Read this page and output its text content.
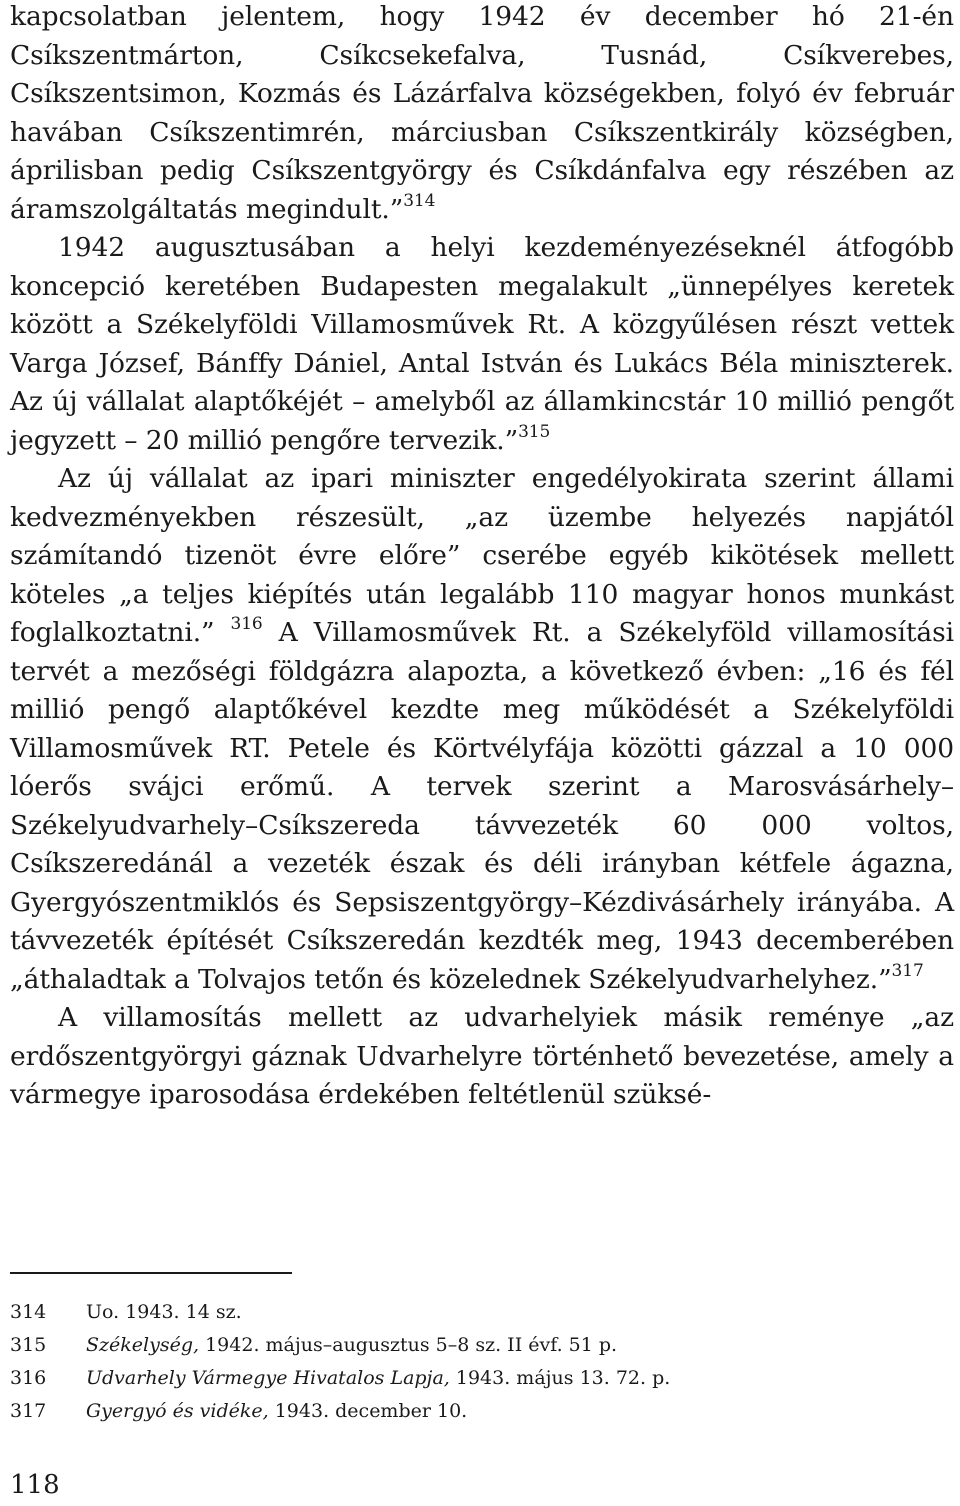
kapcsolatban jelentem, hogy 1942 év december hó 21-én Csíkszentmárton, Csíkcsekefalva, Tusnád, Csíkverebes, Csíkszentsimon, Kozmás és Lázárfalva községekben, folyó év február havában Csíkszentimrén, márciusban Csíkszentkirály községben, áprilisban pedig Csíkszentgyörgy és Csíkdánfalva egy részében az áramszolgáltatás megindult.”$^{314}$

1942 augusztusában a helyi kezdeményezéseknél átfogóbb koncepció keretében Budapesten megalakult „ünnepélyes keretek között a Székelyföldi Villamosművek Rt. A közgyűlésen részt vettek Varga József, Bánffy Dániel, Antal István és Lukács Béla miniszterek. Az új vállalat alaptőkéjét – amelyből az államkincstár 10 millió pengőt jegyzett – 20 millió pengőre tervezik.”$^{315}$

Az új vállalat az ipari miniszter engedélyokirata szerint állami kedvezményekben részesült, „az üzembe helyezés napjától számítandó tizenöt évre előre” cserébe egyéb kikötések mellett köteles „a teljes kiépítés után legalább 110 magyar honos munkást foglalkoztatni.” $^{316}$ A Villamosművek Rt. a Székelyföld villamosítási tervét a mezőségi földgázra alapozta, a következő évben: „16 és fél millió pengő alaptőkével kezdte meg működését a Székelyföldi Villamosművek RT. Petele és Körtvélyfája közötti gázzal a 10 000 lóerős svájci erőmű. A tervek szerint a Marosvásárhely–Székelyudvarhely–Csíkszereda távvezeték 60 000 voltos, Csíkszeredánál a vezeték észak és déli irányban kétfele ágazna, Gyergyószentmiklós és Sepsiszentgyörgy–Kézdivásárhely irányába. A távvezeték építését Csíkszeredán kezdték meg, 1943 decemberében „áthaladtak a Tolvajos tetőn és közelednek Székelyudvarhelyhez.”$^{317}$

A villamosítás mellett az udvarhelyiek másik reménye „az erdőszentgyörgyi gáznak Udvarhelyre történhető bevezetése, amely a vármegye iparosodása érdekében feltétlenül szüksé-

314	Uo. 1943. 14 sz.
315	Székelység, 1942. május–augusztus 5–8 sz. II évf. 51 p.
316	Udvarhely Vármegye Hivatalos Lapja, 1943. május 13. 72. p.
317	Gyergyó és vidéke, 1943. december 10.
118
